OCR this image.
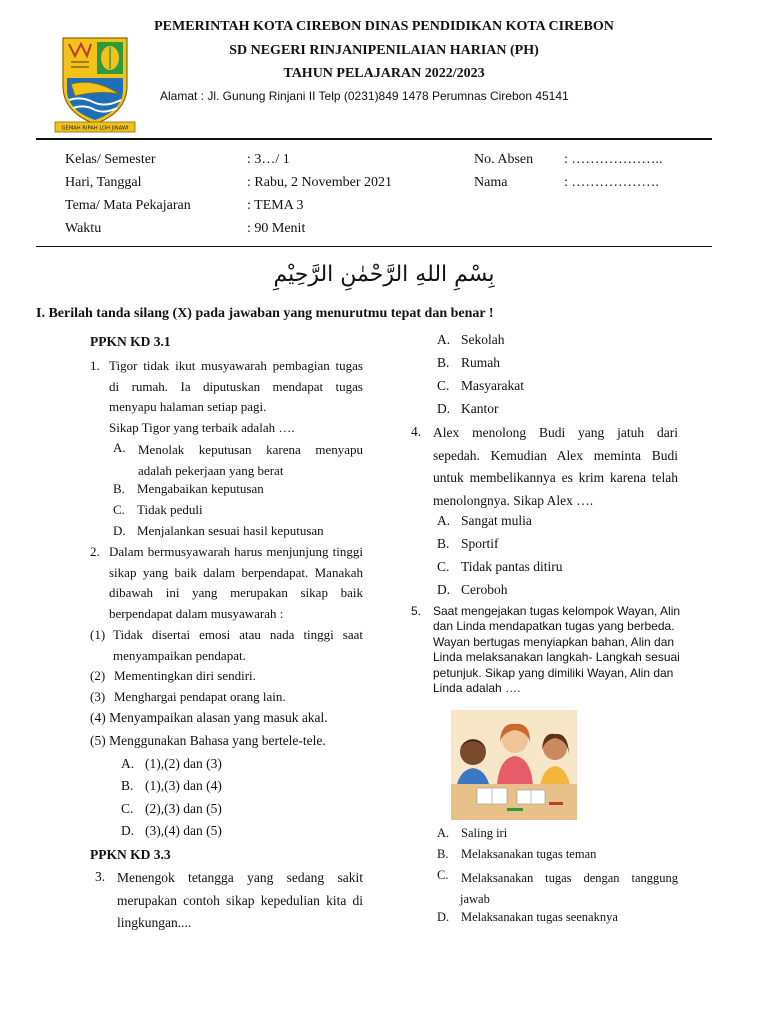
PEMERINTAH KOTA CIREBON DINAS PENDIDIKAN KOTA CIREBON
SD NEGERI RINJANIPENILAIAN HARIAN (PH)
TAHUN PELAJARAN 2022/2023
Alamat : Jl. Gunung Rinjani II Telp (0231)849 1478 Perumnas Cirebon 45141
GEMAH RIPAH LOH JINAWI
Kelas/ Semester	: 3…/ 1
Hari, Tanggal	: Rabu, 2 November 2021
Tema/ Mata Pekajaran	: TEMA 3
Waktu	: 90 Menit
No. Absen : ………………..
Nama	: ……………….
بِسْمِ اللهِ الرَّحْمٰنِ الرَّحِيْمِ
I. Berilah tanda silang (X) pada jawaban yang menurutmu tepat dan benar !
PPKN KD 3.1
1. Tigor tidak ikut musyawarah pembagian tugas di rumah. Ia diputuskan mendapat tugas menyapu halaman setiap pagi.
Sikap Tigor yang terbaik adalah ….
A. Menolak keputusan karena menyapu adalah pekerjaan yang berat
B. Mengabaikan keputusan
C. Tidak peduli
D. Menjalankan sesuai hasil keputusan
2. Dalam bermusyawarah harus menjunjung tinggi sikap yang baik dalam berpendapat. Manakah dibawah ini yang merupakan sikap baik berpendapat dalam musyawarah :
(1) Tidak disertai emosi atau nada tinggi saat menyampaikan pendapat.
(2) Mementingkan diri sendiri.
(3) Menghargai pendapat orang lain.
(4) Menyampaikan alasan yang masuk akal.
(5) Menggunakan Bahasa yang bertele-tele.
A. (1),(2) dan (3)
B. (1),(3) dan (4)
C. (2),(3) dan (5)
D. (3),(4) dan (5)
PPKN KD 3.3
3. Menengok tetangga yang sedang sakit merupakan contoh sikap kepedulian kita di lingkungan....
A. Sekolah
B. Rumah
C. Masyarakat
D. Kantor
4. Alex menolong Budi yang jatuh dari sepedah. Kemudian Alex meminta Budi untuk membelikannya es krim karena telah menolongnya. Sikap Alex ….
A. Sangat mulia
B. Sportif
C. Tidak pantas ditiru
D. Ceroboh
5. Saat mengejakan tugas kelompok Wayan, Alin dan Linda mendapatkan tugas yang berbeda. Wayan bertugas menyiapkan bahan, Alin dan Linda melaksanakan langkah- Langkah sesuai petunjuk. Sikap yang dimiliki Wayan, Alin dan Linda adalah ….
A. Saling iri
B. Melaksanakan tugas teman
C.	Melaksanakan tugas dengan tanggung jawab
D. Melaksanakan tugas seenaknya
